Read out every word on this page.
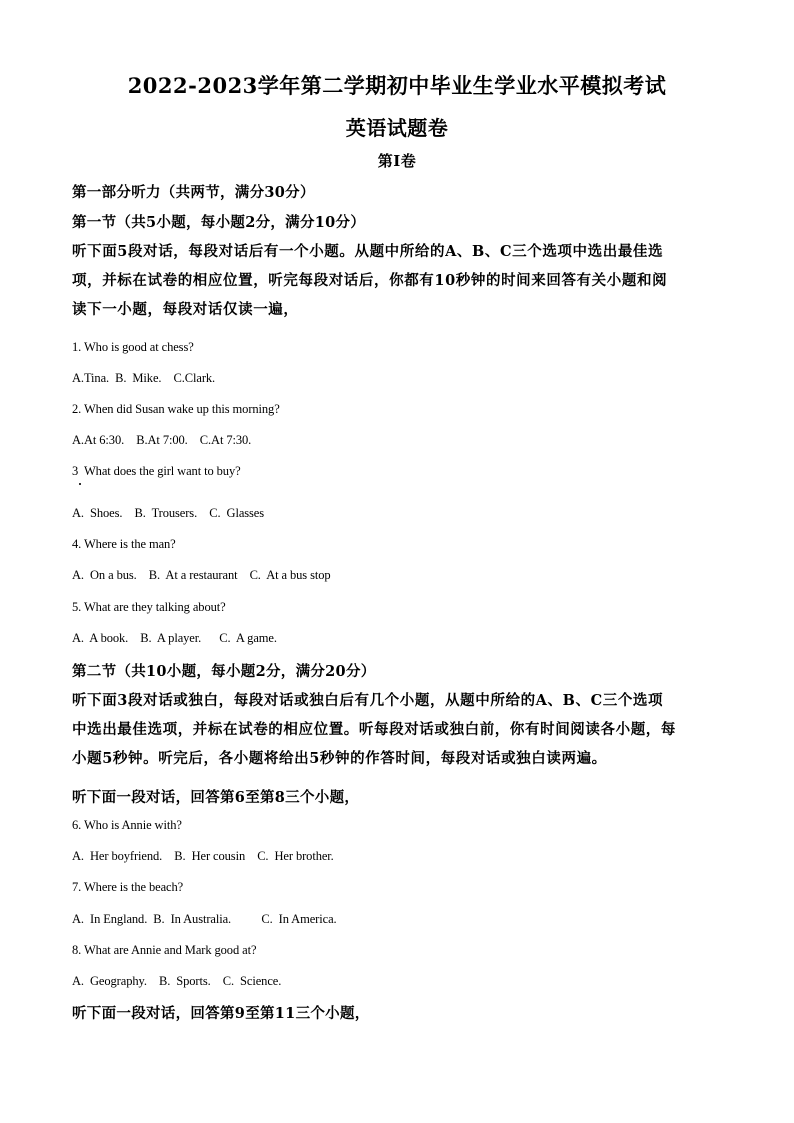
2022-2023学年第二学期初中毕业生学业水平模拟考试
英语试题卷
第I卷
第一部分听力（共两节，满分30分）
第一节（共5小题，每小题2分，满分10分）
听下面5段对话，每段对话后有一个小题。从题中所给的A、B、C三个选项中选出最佳选
项，并标在试卷的相应位置，听完每段对话后，你都有10秒钟的时间来回答有关小题和阅
读下一小题，每段对话仅读一遍，
1. Who is good at chess?
A.Tina.  B.  Mike.    C.Clark.
2. When did Susan wake up this morning?
A.At 6:30.    B.At 7:00.    C.At 7:30.
3  What does the girl want to buy?
A.  Shoes.    B.  Trousers.    C.  Glasses
4. Where is the man?
A.  On a bus.    B.  At a restaurant    C.  At a bus stop
5. What are they talking about?
A.  A book.    B.  A player.      C.  A game.
第二节（共10小题，每小题2分，满分20分）
听下面3段对话或独白，每段对话或独白后有几个小题，从题中所给的A、B、C三个选项
中选出最佳选项，并标在试卷的相应位置。听每段对话或独白前，你有时间阅读各小题，每
小题5秒钟。听完后，各小题将给出5秒钟的作答时间，每段对话或独白读两遍。
听下面一段对话，回答第6至第8三个小题，
6. Who is Annie with?
A.  Her boyfriend.    B.  Her cousin    C.  Her brother.
7. Where is the beach?
A.  In England.  B.  In Australia.          C.  In America.
8. What are Annie and Mark good at?
A.  Geography.    B.  Sports.    C.  Science.
听下面一段对话，回答第9至第11三个小题，
